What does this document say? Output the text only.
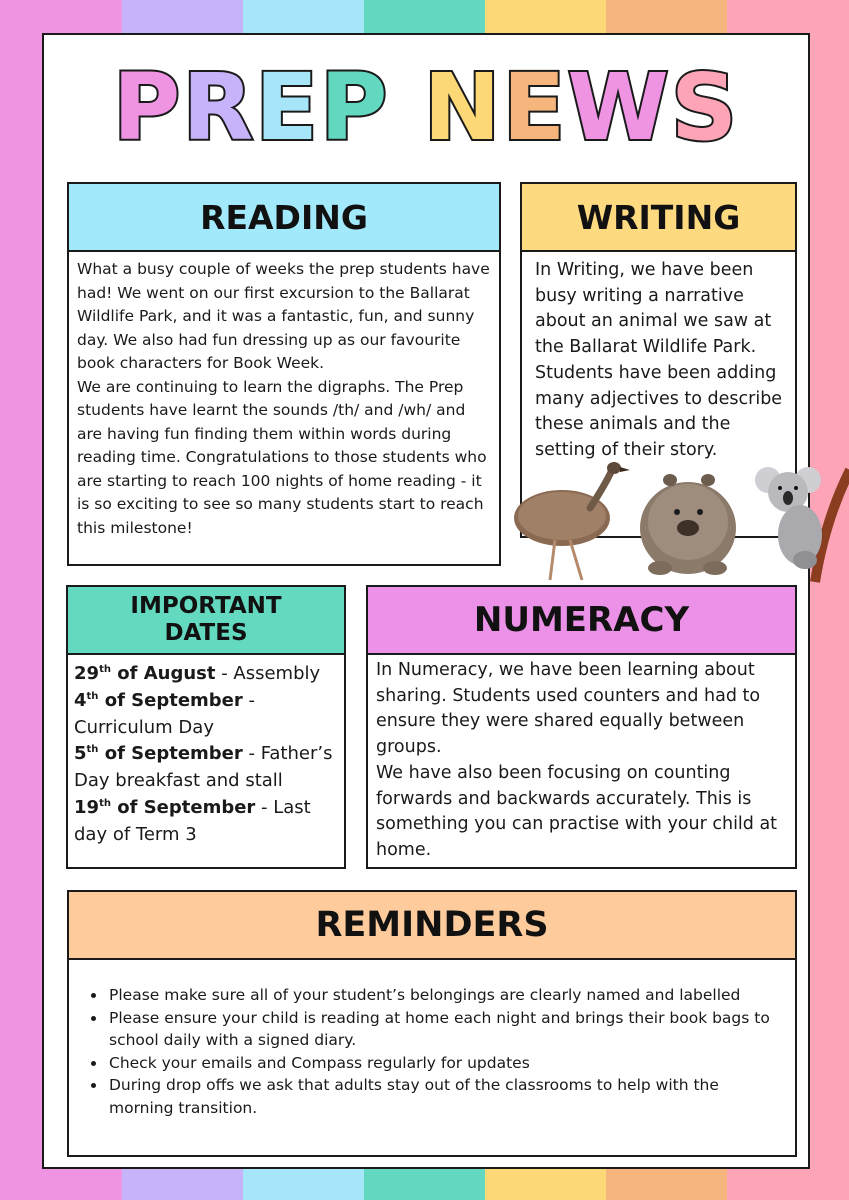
PREP NEWS
READING
What a busy couple of weeks the prep students have had! We went on our first excursion to the Ballarat Wildlife Park, and it was a fantastic, fun, and sunny day. We also had fun dressing up as our favourite book characters for Book Week.
We are continuing to learn the digraphs. The Prep students have learnt the sounds /th/ and /wh/ and are having fun finding them within words during reading time. Congratulations to those students who are starting to reach 100 nights of home reading - it is so exciting to see so many students start to reach this milestone!
WRITING
In Writing, we have been busy writing a narrative about an animal we saw at the Ballarat Wildlife Park. Students have been adding many adjectives to describe these animals and the setting of their story.
IMPORTANT
DATES
29th of August - Assembly
4th of September - Curriculum Day
5th of September - Father’s Day breakfast and stall
19th of September - Last day of Term 3
NUMERACY
In Numeracy, we have been learning about sharing. Students used counters and had to ensure they were shared equally between groups.
We have also been focusing on counting forwards and backwards accurately. This is something you can practise with your child at home.
REMINDERS
• Please make sure all of your student’s belongings are clearly named and labelled
• Please ensure your child is reading at home each night and brings their book bags to school daily with a signed diary.
• Check your emails and Compass regularly for updates
• During drop offs we ask that adults stay out of the classrooms to help with the morning transition.
